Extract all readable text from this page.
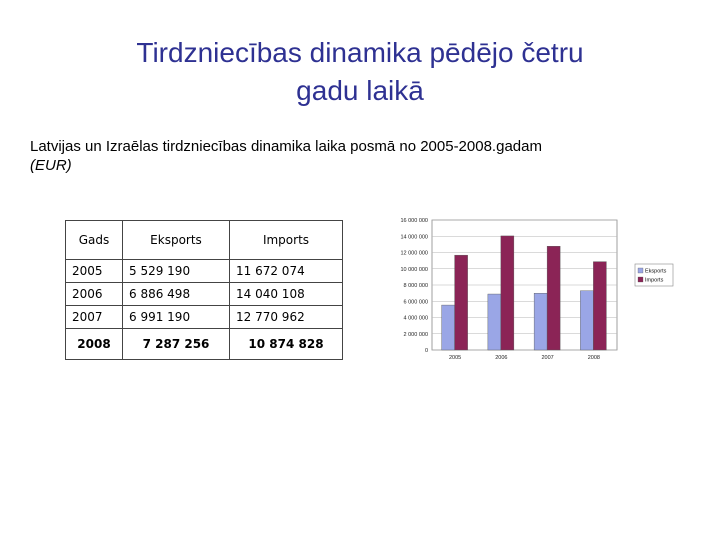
Tirdzniecības dinamika pēdējo četru
gadu laikā
Latvijas un Izraēlas tirdzniecības dinamika laika posmā no 2005-2008.gadam
(EUR)
Gads	Eksports	Imports
2005	5 529 190	11 672 074
2006	6 886 498	14 040 108
2007	6 991 190	12 770 962
2008	7 287 256	10 874 828	0
2 000 000
4 000 000
6 000 000
8 000 000
10 000 000
12 000 000
14 000 000
16 000 000
2005	2006	2007	2008
Eksports
Imports
